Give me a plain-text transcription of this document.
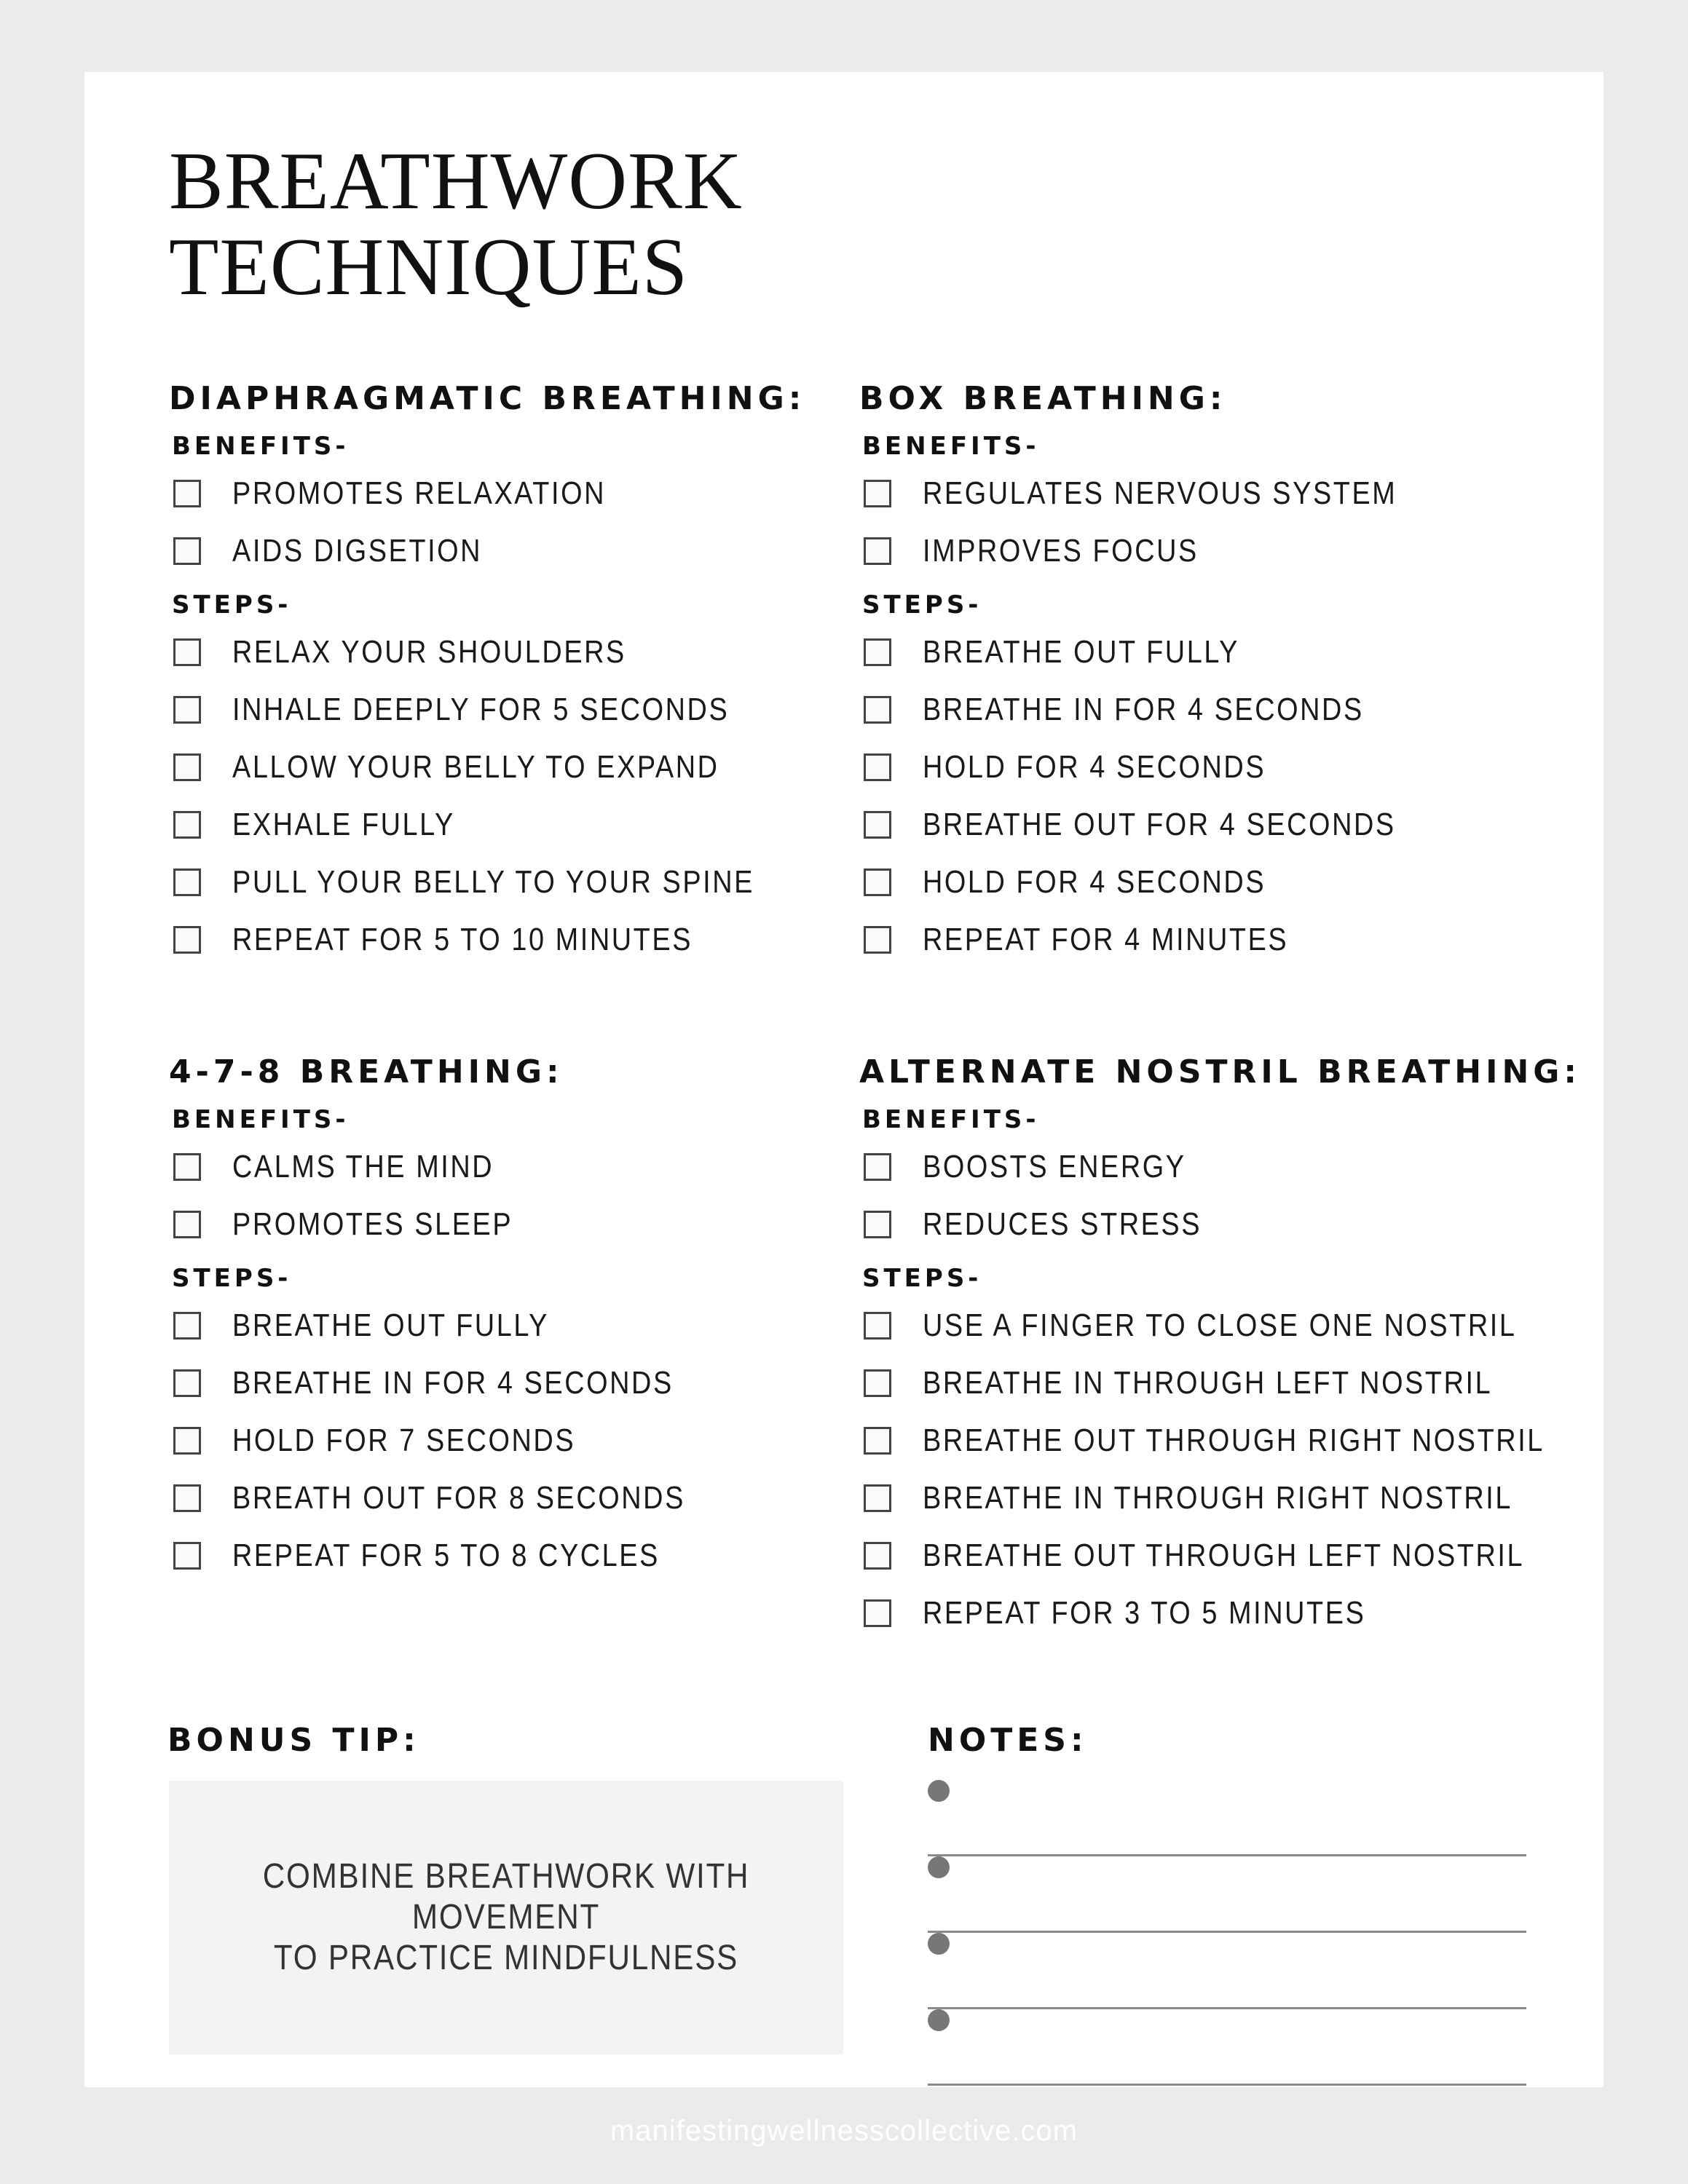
BREATHWORK
TECHNIQUES
DIAPHRAGMATIC BREATHING:
BENEFITS-
PROMOTES RELAXATION
AIDS DIGSETION
STEPS-
RELAX YOUR SHOULDERS
INHALE DEEPLY FOR 5 SECONDS
ALLOW YOUR BELLY TO EXPAND
EXHALE FULLY
PULL YOUR BELLY TO YOUR SPINE
REPEAT FOR 5 TO 10 MINUTES
BOX BREATHING:
BENEFITS-
REGULATES NERVOUS SYSTEM
IMPROVES FOCUS
STEPS-
BREATHE OUT FULLY
BREATHE IN FOR 4 SECONDS
HOLD FOR 4 SECONDS
BREATHE OUT FOR 4 SECONDS
HOLD FOR 4 SECONDS
REPEAT FOR 4 MINUTES
4-7-8 BREATHING:
BENEFITS-
CALMS THE MIND
PROMOTES SLEEP
STEPS-
BREATHE OUT FULLY
BREATHE IN FOR 4 SECONDS
HOLD FOR 7 SECONDS
BREATH OUT FOR 8 SECONDS
REPEAT FOR 5 TO 8 CYCLES
ALTERNATE NOSTRIL BREATHING:
BENEFITS-
BOOSTS ENERGY
REDUCES STRESS
STEPS-
USE A FINGER TO CLOSE ONE NOSTRIL
BREATHE IN THROUGH LEFT NOSTRIL
BREATHE OUT THROUGH RIGHT NOSTRIL
BREATHE IN THROUGH RIGHT NOSTRIL
BREATHE OUT THROUGH LEFT NOSTRIL
REPEAT FOR 3 TO 5 MINUTES
BONUS TIP:
COMBINE BREATHWORK WITH MOVEMENT
TO PRACTICE MINDFULNESS
NOTES:
manifestingwellnesscollective.com
